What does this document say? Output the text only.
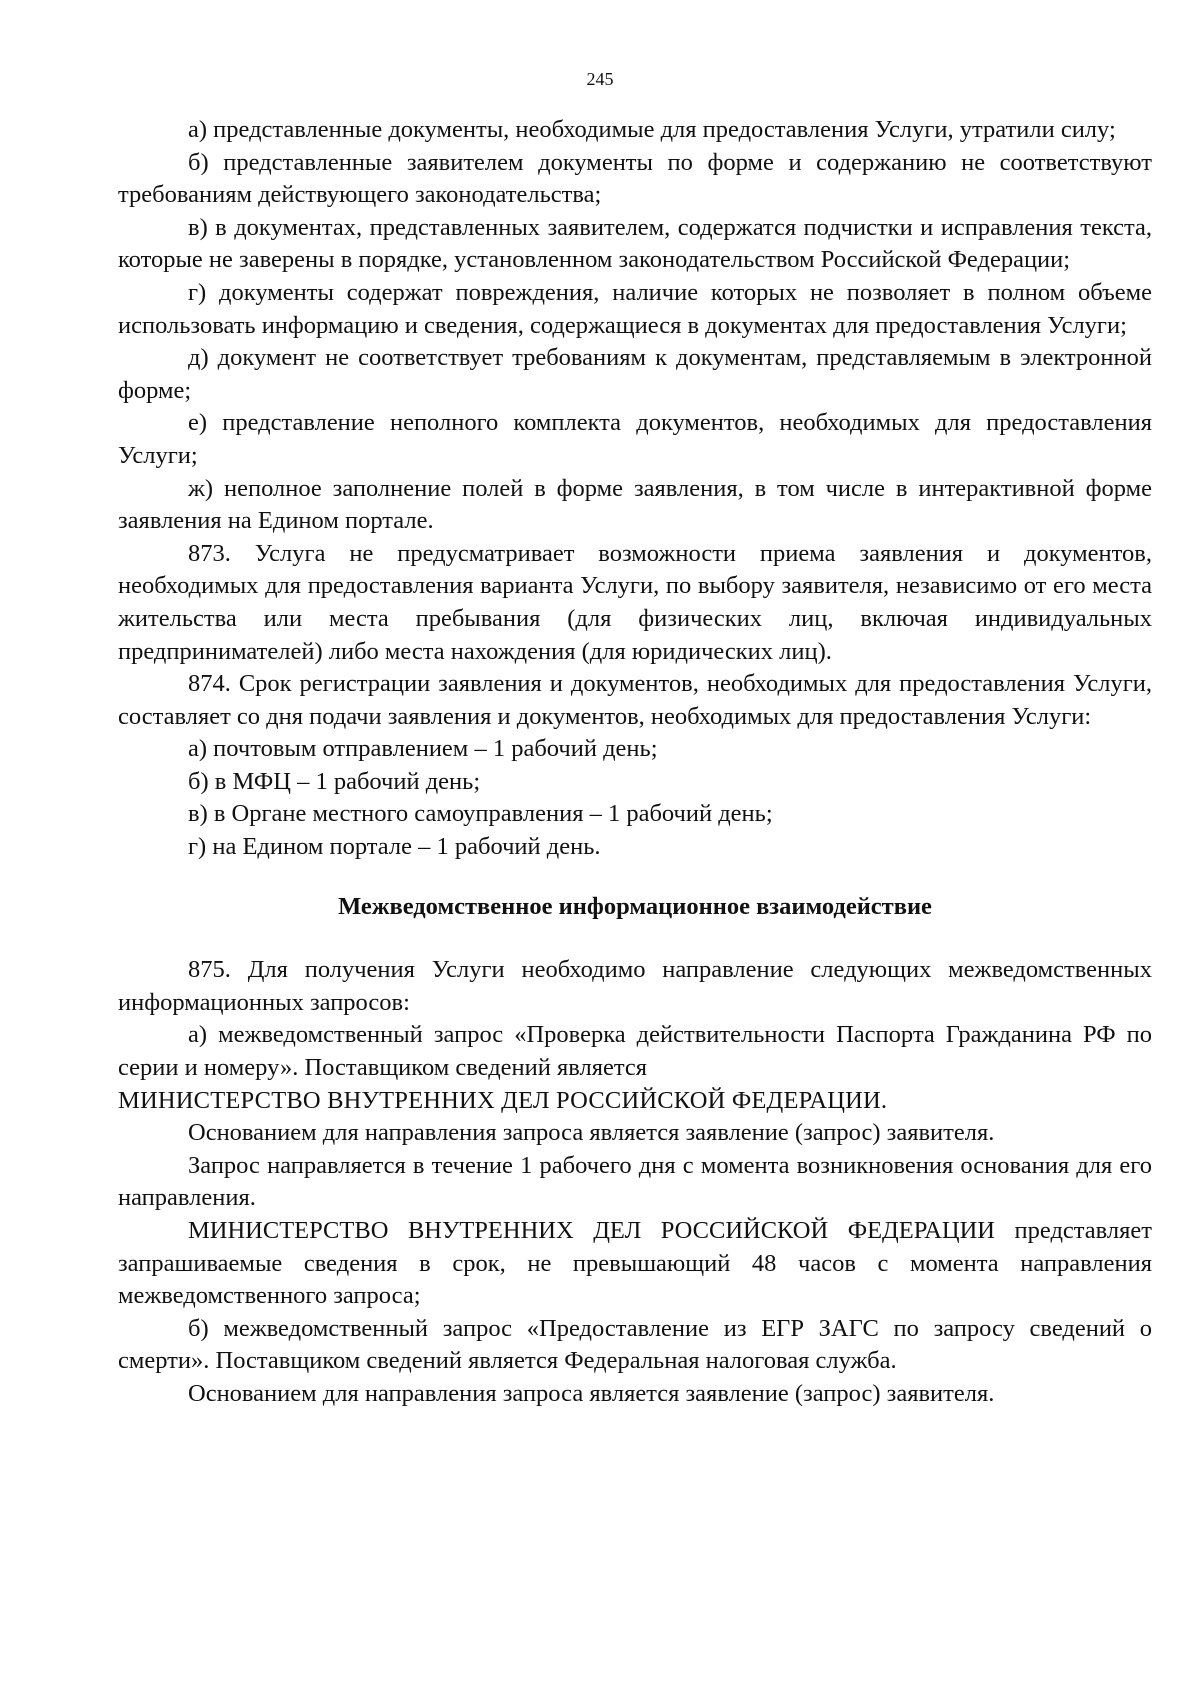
245

а) представленные документы, необходимые для предоставления Услуги, утратили силу;

б) представленные заявителем документы по форме и содержанию не соответствуют требованиям действующего законодательства;

в) в документах, представленных заявителем, содержатся подчистки и исправления текста, которые не заверены в порядке, установленном законодательством Российской Федерации;

г) документы содержат повреждения, наличие которых не позволяет в полном объеме использовать информацию и сведения, содержащиеся в документах для предоставления Услуги;

д) документ не соответствует требованиям к документам, представляемым в электронной форме;

е) представление неполного комплекта документов, необходимых для предоставления Услуги;

ж) неполное заполнение полей в форме заявления, в том числе в интерактивной форме заявления на Едином портале.

873. Услуга не предусматривает возможности приема заявления и документов, необходимых для предоставления варианта Услуги, по выбору заявителя, независимо от его места жительства или места пребывания (для физических лиц, включая индивидуальных предпринимателей) либо места нахождения (для юридических лиц).

874. Срок регистрации заявления и документов, необходимых для предоставления Услуги, составляет со дня подачи заявления и документов, необходимых для предоставления Услуги:

а) почтовым отправлением – 1 рабочий день;

б) в МФЦ – 1 рабочий день;

в) в Органе местного самоуправления – 1 рабочий день;

г) на Едином портале – 1 рабочий день.

Межведомственное информационное взаимодействие

875. Для получения Услуги необходимо направление следующих межведомственных информационных запросов:

а) межведомственный запрос «Проверка действительности Паспорта Гражданина РФ по серии и номеру». Поставщиком сведений является

МИНИСТЕРСТВО ВНУТРЕННИХ ДЕЛ РОССИЙСКОЙ ФЕДЕРАЦИИ.

Основанием для направления запроса является заявление (запрос) заявителя.

Запрос направляется в течение 1 рабочего дня с момента возникновения основания для его направления.

МИНИСТЕРСТВО ВНУТРЕННИХ ДЕЛ РОССИЙСКОЙ ФЕДЕРАЦИИ представляет запрашиваемые сведения в срок, не превышающий 48 часов с момента направления межведомственного запроса;

б) межведомственный запрос «Предоставление из ЕГР ЗАГС по запросу сведений о смерти». Поставщиком сведений является Федеральная налоговая служба.

Основанием для направления запроса является заявление (запрос) заявителя.
